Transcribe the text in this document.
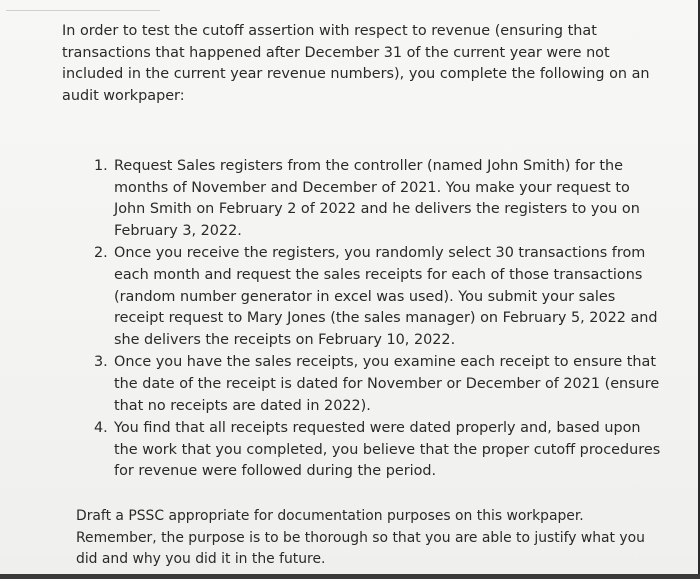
In order to test the cutoff assertion with respect to revenue (ensuring that transactions that happened after December 31 of the current year were not included in the current year revenue numbers), you complete the following on an audit workpaper:

1. Request Sales registers from the controller (named John Smith) for the months of November and December of 2021. You make your request to John Smith on February 2 of 2022 and he delivers the registers to you on February 3, 2022.
2. Once you receive the registers, you randomly select 30 transactions from each month and request the sales receipts for each of those transactions (random number generator in excel was used). You submit your sales receipt request to Mary Jones (the sales manager) on February 5, 2022 and she delivers the receipts on February 10, 2022.
3. Once you have the sales receipts, you examine each receipt to ensure that the date of the receipt is dated for November or December of 2021 (ensure that no receipts are dated in 2022).
4. You find that all receipts requested were dated properly and, based upon the work that you completed, you believe that the proper cutoff procedures for revenue were followed during the period.

Draft a PSSC appropriate for documentation purposes on this workpaper. Remember, the purpose is to be thorough so that you are able to justify what you did and why you did it in the future.
